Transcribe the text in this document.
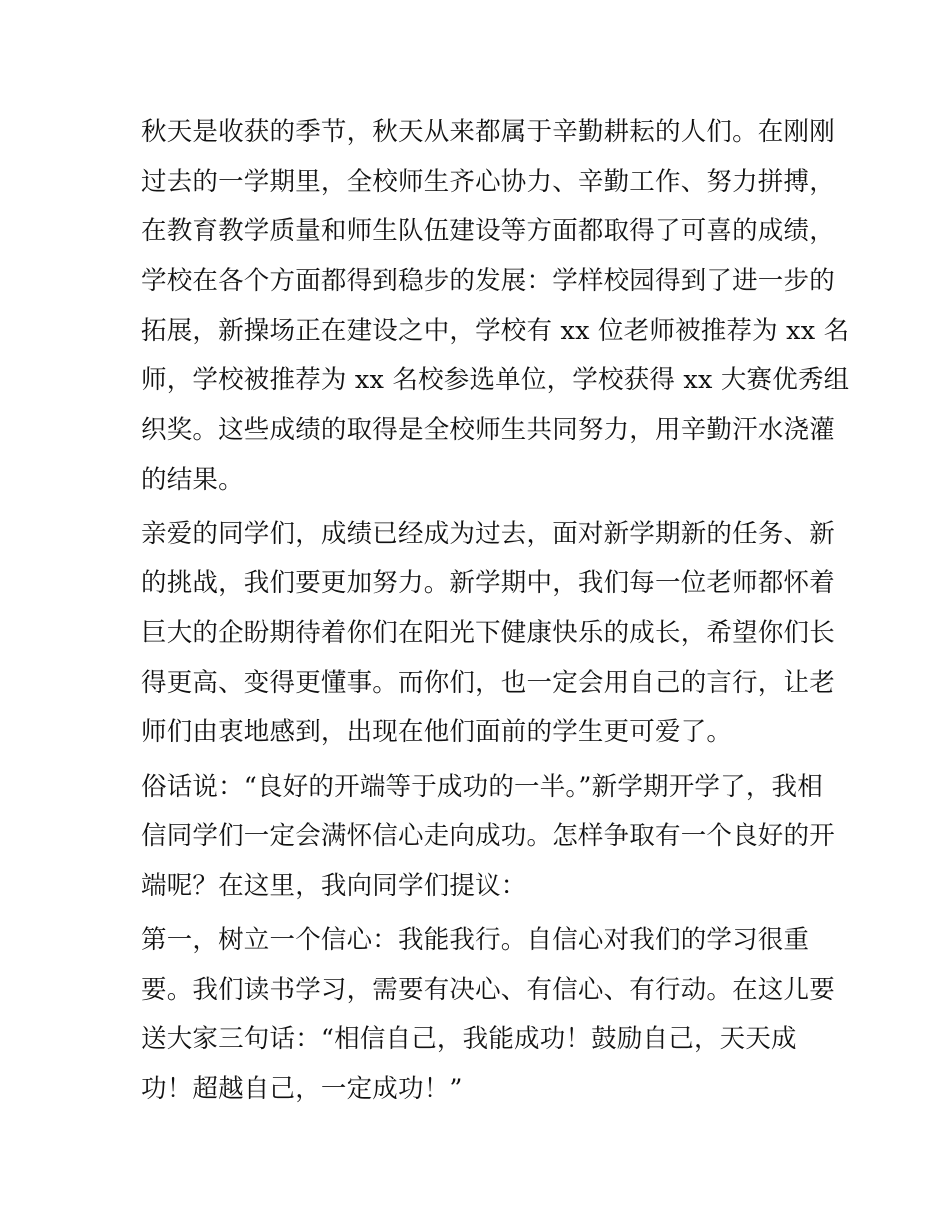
秋天是收获的季节，秋天从来都属于辛勤耕耘的人们。在刚刚
过去的一学期里，全校师生齐心协力、辛勤工作、努力拼搏，
在教育教学质量和师生队伍建设等方面都取得了可喜的成绩，
学校在各个方面都得到稳步的发展：学样校园得到了进一步的
拓展，新操场正在建设之中，学校有 xx 位老师被推荐为 xx 名
师，学校被推荐为 xx 名校参选单位，学校获得 xx 大赛优秀组
织奖。这些成绩的取得是全校师生共同努力，用辛勤汗水浇灌
的结果。
亲爱的同学们，成绩已经成为过去，面对新学期新的任务、新
的挑战，我们要更加努力。新学期中，我们每一位老师都怀着
巨大的企盼期待着你们在阳光下健康快乐的成长，希望你们长
得更高、变得更懂事。而你们，也一定会用自己的言行，让老
师们由衷地感到，出现在他们面前的学生更可爱了。
俗话说：“良好的开端等于成功的一半。”新学期开学了，我相
信同学们一定会满怀信心走向成功。怎样争取有一个良好的开
端呢？在这里，我向同学们提议：
第一，树立一个信心：我能我行。自信心对我们的学习很重
要。我们读书学习，需要有决心、有信心、有行动。在这儿要
送大家三句话：“相信自己，我能成功！鼓励自己，天天成
功！超越自己，一定成功！”
